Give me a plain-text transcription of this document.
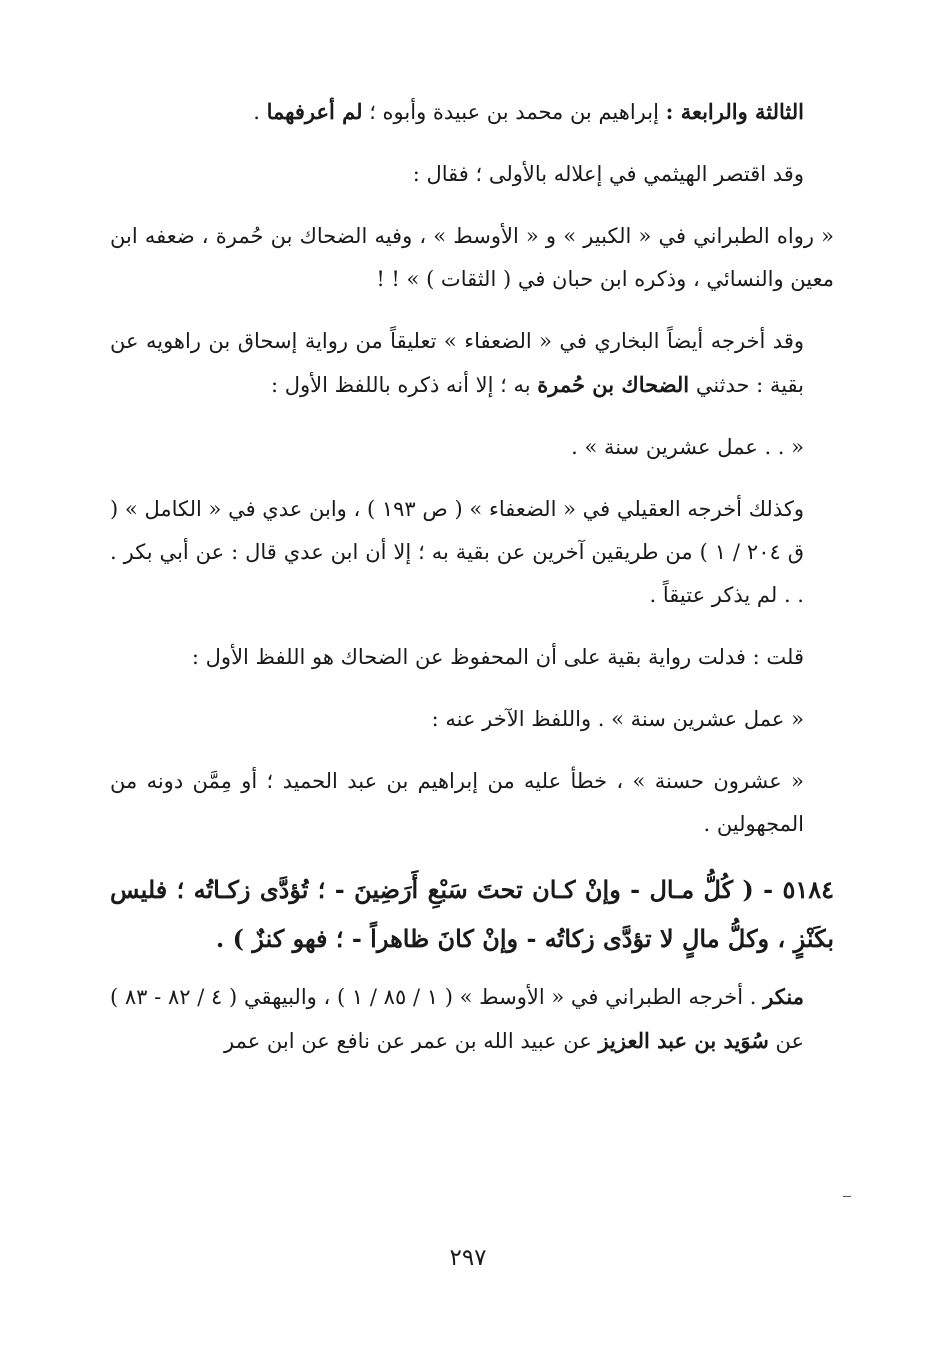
الثالثة والرابعة : إبراهيم بن محمد بن عبيدة وأبوه ؛ لم أعرفهما .

وقد اقتصر الهيثمي في إعلاله بالأولى ؛ فقال :

« رواه الطبراني في « الكبير » و « الأوسط » ، وفيه الضحاك بن حُمرة ، ضعفه ابن معين والنسائي ، وذكره ابن حبان في ( الثقات ) » ! !

وقد أخرجه أيضاً البخاري في « الضعفاء » تعليقاً من رواية إسحاق بن راهويه عن بقية : حدثني الضحاك بن حُمرة به ؛ إلا أنه ذكره باللفظ الأول :

« . . عمل عشرين سنة » .

وكذلك أخرجه العقيلي في « الضعفاء » ( ص ١٩٣ ) ، وابن عدي في « الكامل » ( ق ٢٠٤ / ١ ) من طريقين آخرين عن بقية به ؛ إلا أن ابن عدي قال : عن أبي بكر . . . لم يذكر عتيقاً .

قلت : فدلت رواية بقية على أن المحفوظ عن الضحاك هو اللفظ الأول :

« عمل عشرين سنة » . واللفظ الآخر عنه :

« عشرون حسنة » ، خطأ عليه من إبراهيم بن عبد الحميد ؛ أو مِمَّن دونه من المجهولين .

٥١٨٤ - ( كُلُّ مـال - وإنْ كـان تحتَ سَبْعِ أَرَضِينَ - ؛ تُؤدَّى زكـاتُه ؛ فليس بكَنْزٍ ، وكلُّ مالٍ لا تؤدَّى زكاتُه - وإنْ كانَ ظاهراً - ؛ فهو كنزٌ ) .

منكر . أخرجه الطبراني في « الأوسط » ( ١ / ٨٥ / ١ ) ، والبيهقي ( ٤ / ٨٢ - ٨٣ ) عن سُوَيد بن عبد العزيز عن عبيد الله بن عمر عن نافع عن ابن عمر

٢٩٧
